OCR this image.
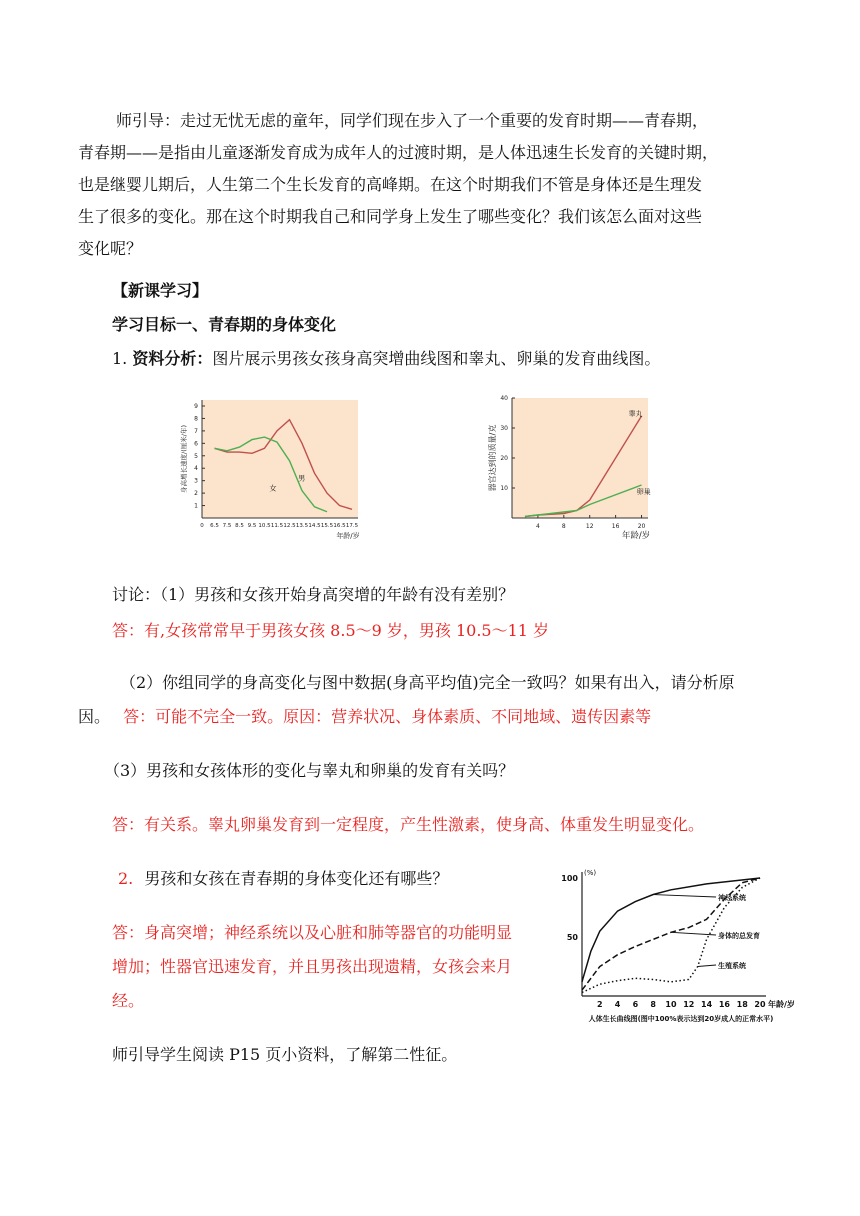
师引导：走过无忧无虑的童年，同学们现在步入了一个重要的发育时期——青春期，
青春期——是指由儿童逐渐发育成为成年人的过渡时期，是人体迅速生长发育的关键时期，
也是继婴儿期后，人生第二个生长发育的高峰期。在这个时期我们不管是身体还是生理发
生了很多的变化。那在这个时期我自己和同学身上发生了哪些变化？我们该怎么面对这些
变化呢？
【新课学习】
学习目标一、青春期的身体变化
1. 资料分析：图片展示男孩女孩身高突增曲线图和睾丸、卵巢的发育曲线图。
0 6.5 7.5 8.5 9.5 10.5 11.5 12.5 13.5 14.5 15.5 16.5 17.5
1
2
3
4
5
6
7
8
9
身高增长速度/(厘米/年)
年龄/岁
男
女
4	8	12	16	20
10
20
30
40
器官达到的质量/克
年龄/岁
睾丸
卵巢
讨论：（1）男孩和女孩开始身高突增的年龄有没有差别？
答：有,女孩常常早于男孩女孩 8.5～9 岁，男孩 10.5～11 岁
（2）你组同学的身高变化与图中数据(身高平均值)完全一致吗？如果有出入，请分析原
因。 答：可能不完全一致。原因：营养状况、身体素质、不同地域、遗传因素等
（3）男孩和女孩体形的变化与睾丸和卵巢的发育有关吗？
答：有关系。睾丸卵巢发育到一定程度，产生性激素，使身高、体重发生明显变化。
2. 男孩和女孩在青春期的身体变化还有哪些？
答：身高突增；神经系统以及心脏和肺等器官的功能明显
增加；性器官迅速发育，并且男孩出现遗精，女孩会来月
经。	2 4 6 8 10 12 14 16 18 20
50
100
(%)
年龄/岁
人体生长曲线图(图中100%表示达到20岁成人的正常水平)
神经系统
身体的总发育
生殖系统
师引导学生阅读 P15 页小资料，了解第二性征。
